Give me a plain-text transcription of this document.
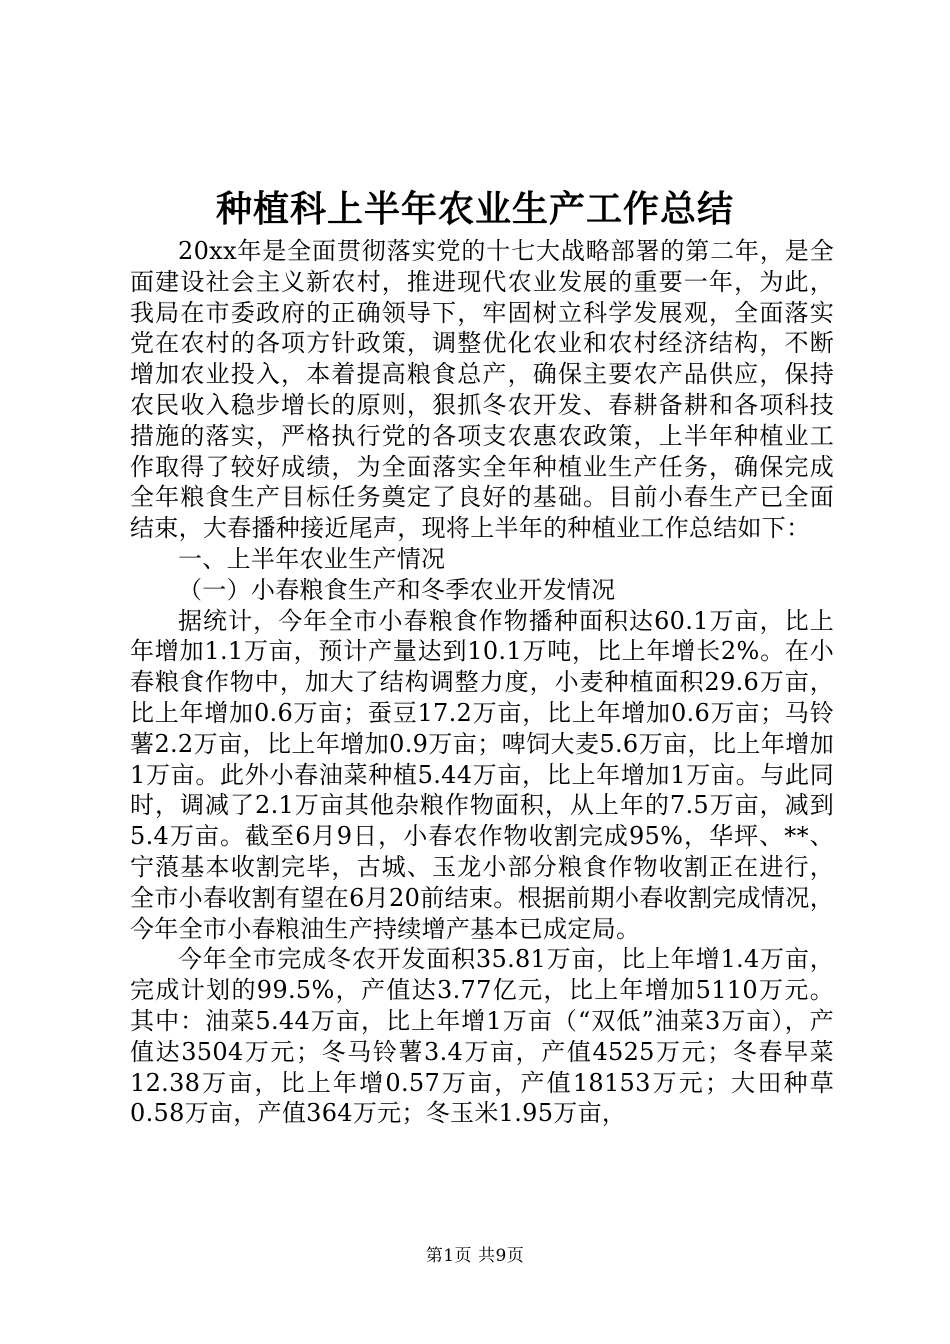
种植科上半年农业生产工作总结

20xx年是全面贯彻落实党的十七大战略部署的第二年，是全面建设社会主义新农村，推进现代农业发展的重要一年，为此，我局在市委政府的正确领导下，牢固树立科学发展观，全面落实党在农村的各项方针政策，调整优化农业和农村经济结构，不断增加农业投入，本着提高粮食总产，确保主要农产品供应，保持农民收入稳步增长的原则，狠抓冬农开发、春耕备耕和各项科技措施的落实，严格执行党的各项支农惠农政策，上半年种植业工作取得了较好成绩，为全面落实全年种植业生产任务，确保完成全年粮食生产目标任务奠定了良好的基础。目前小春生产已全面结束，大春播种接近尾声，现将上半年的种植业工作总结如下：

一、上半年农业生产情况

（一）小春粮食生产和冬季农业开发情况

据统计，今年全市小春粮食作物播种面积达60.1万亩，比上年增加1.1万亩，预计产量达到10.1万吨，比上年增长2%。在小春粮食作物中，加大了结构调整力度，小麦种植面积29.6万亩，比上年增加0.6万亩；蚕豆17.2万亩，比上年增加0.6万亩；马铃薯2.2万亩，比上年增加0.9万亩；啤饲大麦5.6万亩，比上年增加1万亩。此外小春油菜种植5.44万亩，比上年增加1万亩。与此同时，调减了2.1万亩其他杂粮作物面积，从上年的7.5万亩，减到5.4万亩。截至6月9日，小春农作物收割完成95%，华坪、**、宁蒗基本收割完毕，古城、玉龙小部分粮食作物收割正在进行，全市小春收割有望在6月20前结束。根据前期小春收割完成情况，今年全市小春粮油生产持续增产基本已成定局。

今年全市完成冬农开发面积35.81万亩，比上年增1.4万亩，完成计划的99.5%，产值达3.77亿元，比上年增加5110万元。其中：油菜5.44万亩，比上年增1万亩（“双低”油菜3万亩），产值达3504万元；冬马铃薯3.4万亩，产值4525万元；冬春早菜12.38万亩，比上年增0.57万亩，产值18153万元；大田种草0.58万亩，产值364万元；冬玉米1.95万亩，

第1页 共9页
